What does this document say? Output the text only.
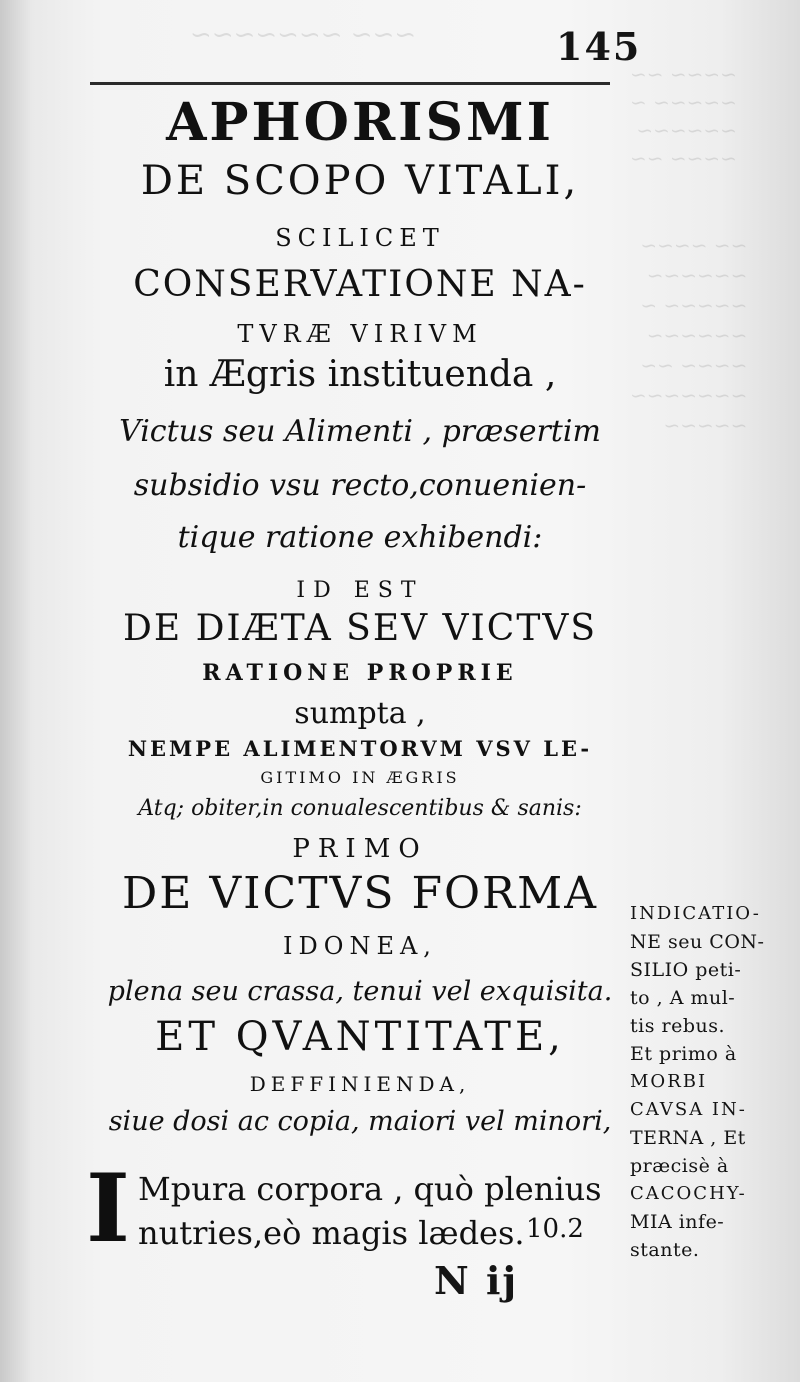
~~~ ~~~~~~~
~~~~ ~~
~~~~~ ~
~~~~~~
~~~~ ~~
~~ ~~~~
~~~~~~
~~~~~ ~
~~~~~~
~~~~ ~~
~~~~~~~
~~~~~
145
APHORISMI
DE SCOPO VITALI,
SCILICET
CONSERVATIONE NA-
TVRÆ VIRIVM
in Ægris instituenda ,
Victus seu Alimenti , præsertim
subsidio vsu recto,conuenien-
tique ratione exhibendi:
ID EST
DE DIÆTA SEV VICTVS
RATIONE PROPRIE
sumpta ,
NEMPE ALIMENTORVM VSV LE-
GITIMO IN ÆGRIS
Atq; obiter,in conualescentibus & sanis:
PRIMO
DE VICTVS FORMA
IDONEA,
plena seu crassa, tenui vel exquisita.
ET QVANTITATE,
DEFFINIENDA,
siue dosi ac copia, maiori vel minori,
I Mpura corpora , quò plenius
nutries,eò magis lædes. 10.2
N ij
INDICATIO-
NE seu CON-
SILIO peti-
to , A mul-
tis rebus.
Et primo à
MORBI
CAVSA IN-
TERNA , Et
præcisè à
CACOCHY-
MIA infe-
stante.
